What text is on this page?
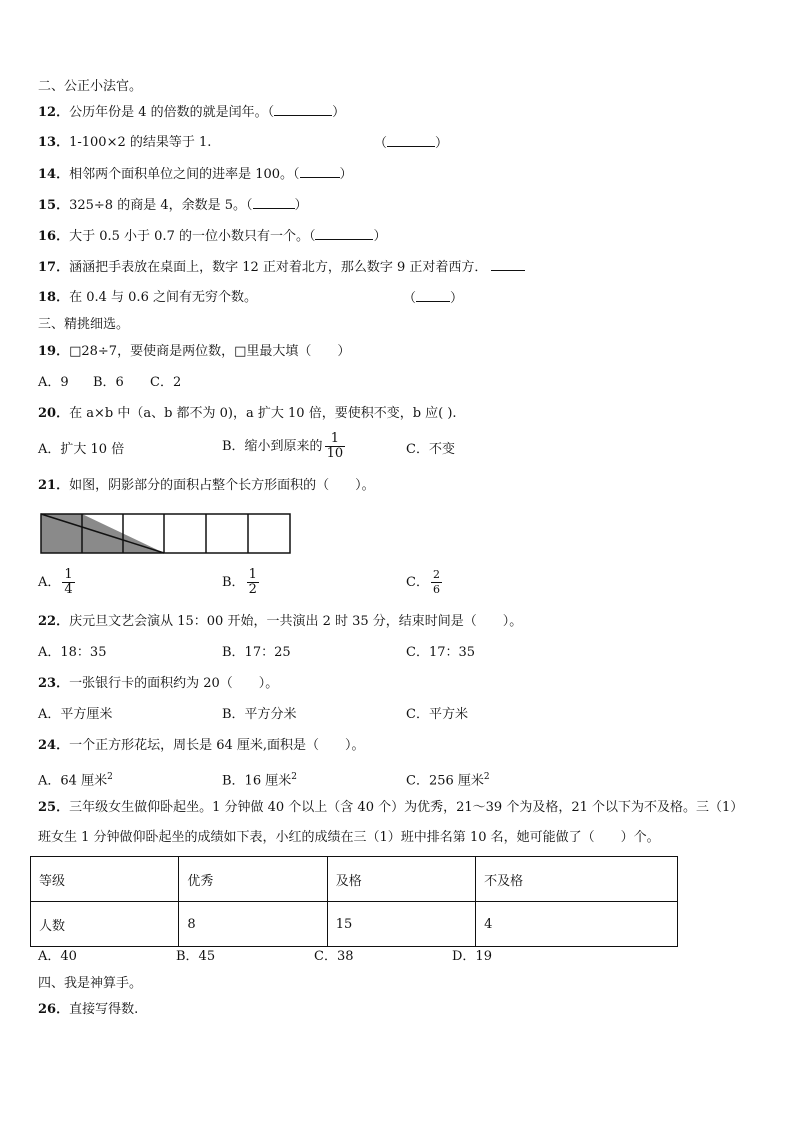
二、公正小法官。
12．公历年份是 4 的倍数的就是闰年。（	）
13．1-100×2 的结果等于 1.	（	）
14．相邻两个面积单位之间的进率是 100。（	）
15．325÷8 的商是 4，余数是 5。（	）
16．大于 0.5 小于 0.7 的一位小数只有一个。（	）
17．涵涵把手表放在桌面上，数字 12 正对着北方，那么数字 9 正对着西方．
18．在 0.4 与 0.6 之间有无穷个数。	（	）
三、精挑细选。
19．□28÷7，要使商是两位数，□里最大填（　　）
A．9 B．6 C．2
20．在 a×b 中（a、b 都不为 0)，a 扩大 10 倍，要使积不变，b 应( ).
A．扩大 10 倍	B．缩小到原来的 $\frac{1}{10}$	C．不变
21．如图，阴影部分的面积占整个长方形面积的（　　）。
A． $\frac{1}{4}$	B． $\frac{1}{2}$	C． $\frac{2}{6}$
22．庆元旦文艺会演从 15：00 开始，一共演出 2 时 35 分，结束时间是（　　）。
A．18：35	B．17：25	C．17：35
23．一张银行卡的面积约为 20（　　）。
A．平方厘米	B．平方分米	C．平方米
24．一个正方形花坛，周长是 64 厘米,面积是（　　）。
A．64 厘米$^2$	B．16 厘米$^2$	C．256 厘米$^2$
25．三年级女生做仰卧起坐。1 分钟做 40 个以上（含 40 个）为优秀，21～39 个为及格，21 个以下为不及格。三（1）
班女生 1 分钟做仰卧起坐的成绩如下表，小红的成绩在三（1）班中排名第 10 名，她可能做了（　　）个。
等级	优秀	及格	不及格
人数	8	15	4
A．40	B．45	C．38	D．19
四、我是神算手。
26．直接写得数.
